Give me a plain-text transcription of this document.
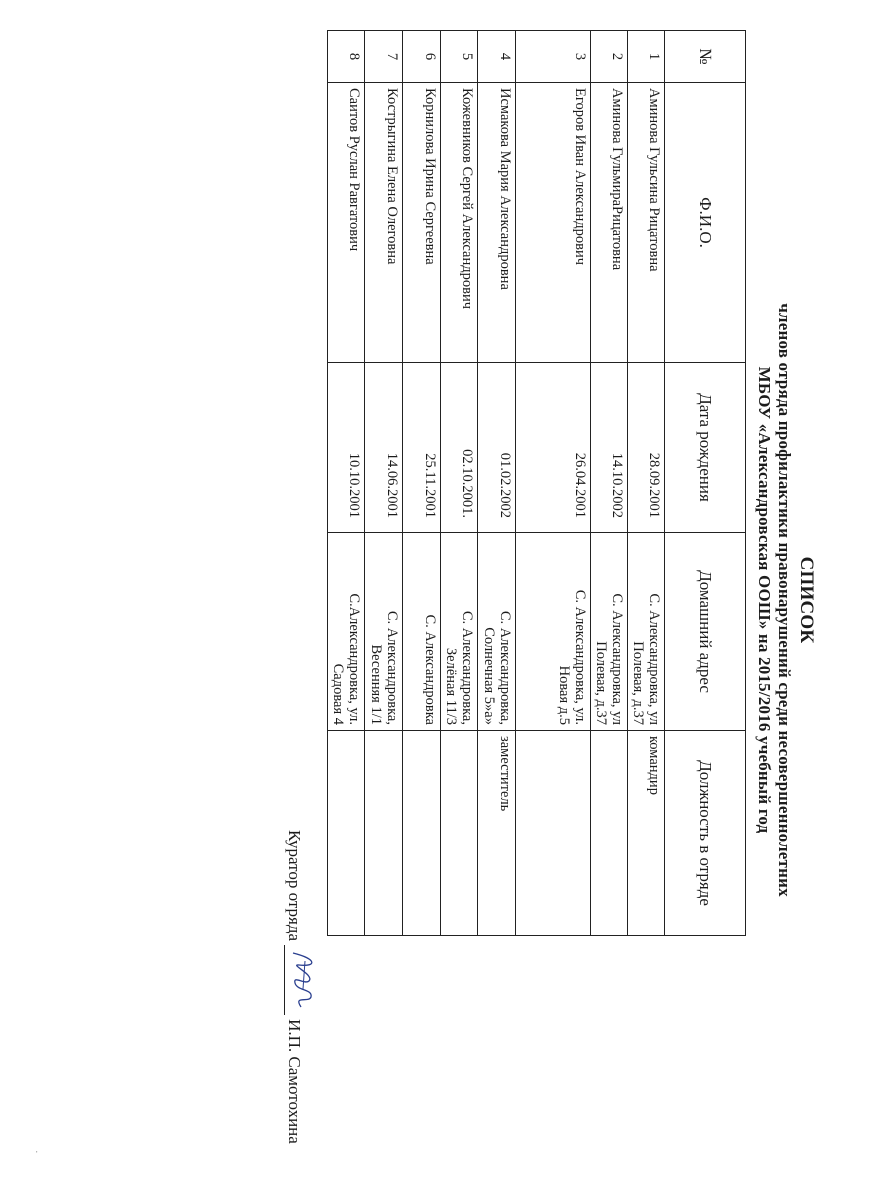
СПИСОК
членов отряда профилактики правонарушений среди несовершеннолетних
МБОУ «Александровская ООШ» на 2015/2016 учебный год
№	Ф.И.О.	Дата рождения	Домашний адрес	Должность в отряде
1	Аминова Гульсина Рицатовна	28.09.2001	С. Александровка, ул
Полевая, д.37	командир
2	Аминова ГульмираРицатовна	14.10.2002	С. Александровка, ул
Полевая, д.37	
3	Егоров Иван Александрович	26.04.2001	С. Александровка, ул.
Новая д.5	
4	Исмакова Мария Александровна	01.02.2002	С. Александровка,
Солнечная 5»а»	заместитель
5	Кожевников Сергей Александрович	02.10.2001.	С. Александровка,
Зелёная 11/3	
6	Корнилова Ирина Сергеевна	25.11.2001	С. Александровка	
7	Кострыгина Елена Олеговна	14.06.2001	С. Александровка,
Весенняя 1/1	
8	Саитов Руслан Равгатович	10.10.2001	С.Александровка, ул.
Садовая 4	
Куратор отряда
И.П. Самотохина
·
